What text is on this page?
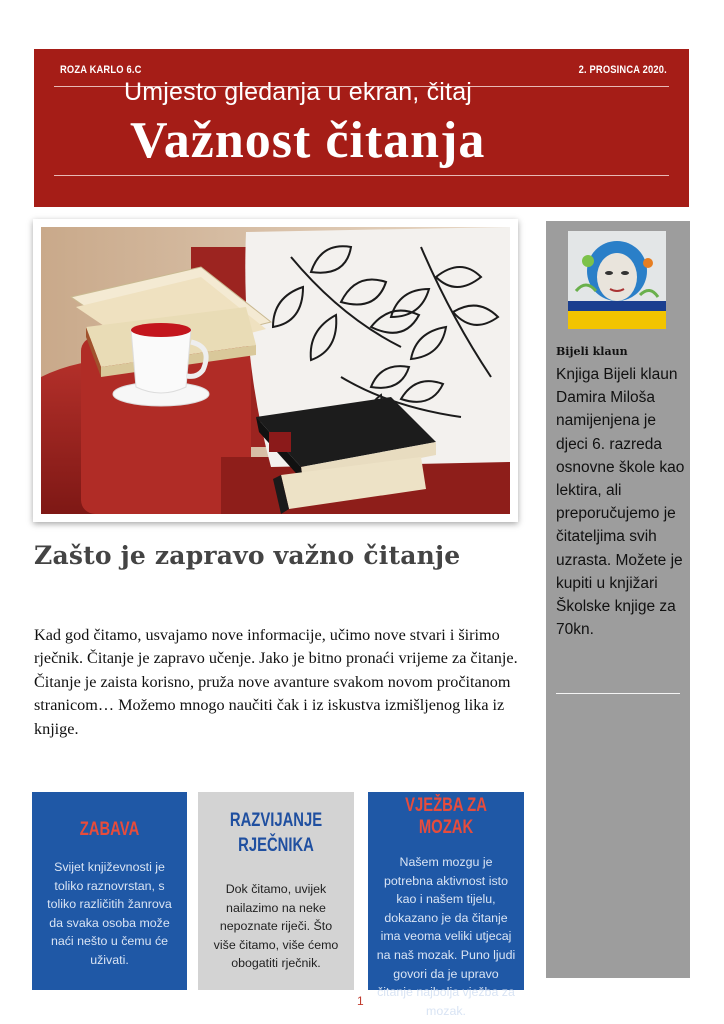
ROZA KARLO 6.C	2. PROSINCA 2020.
Umjesto gledanja u ekran, čitaj
Važnost čitanja
Bijeli klaun

Knjiga Bijeli klaun Damira Miloša namijenjena je djeci 6. razreda osnovne škole kao lektira, ali preporučujemo je čitateljima svih uzrasta. Možete je kupiti u knjižari Školske knjige za 70kn.

Zašto je zapravo važno čitanje

Kad god čitamo, usvajamo nove informacije, učimo nove stvari i širimo rječnik. Čitanje je zapravo učenje. Jako je bitno pronaći vrijeme za čitanje. Čitanje je zaista korisno, pruža nove avanture svakom novom pročitanom stranicom… Možemo mnogo naučiti čak i iz iskustva izmišljenog lika iz knjige.

ZABAVA

Svijet književnosti je toliko raznovrstan, s toliko različitih žanrova da svaka osoba može naći nešto u čemu će uživati.

RAZVIJANJE RJEČNIKA

Dok čitamo, uvijek nailazimo na neke nepoznate riječi. Što više čitamo, više ćemo obogatiti rječnik.

VJEŽBA ZA MOZAK

Našem mozgu je potrebna aktivnost isto kao i našem tijelu, dokazano je da čitanje ima veoma veliki utjecaj na naš mozak. Puno ljudi govori da je upravo čitanje najbolja vježba za mozak.

1
